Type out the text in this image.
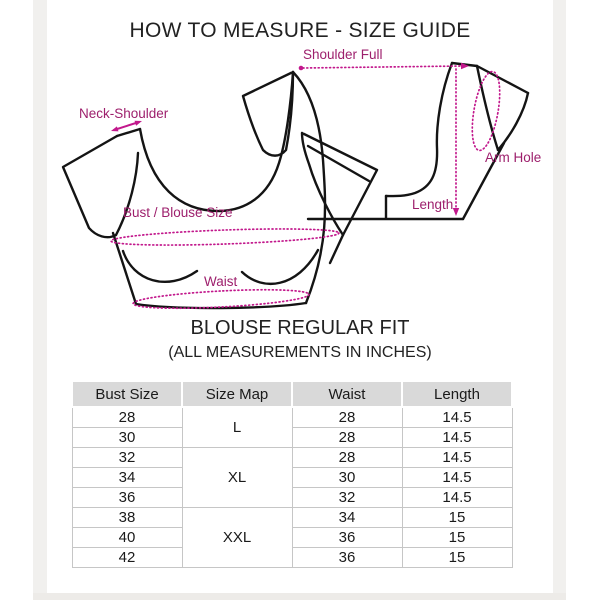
HOW TO MEASURE - SIZE GUIDE
Shoulder Full
Neck-Shoulder
Bust / Blouse Size
Waist
Arm Hole
Length
BLOUSE REGULAR FIT
(ALL MEASUREMENTS IN INCHES)
Bust Size	Size Map	Waist	Length
28	L	28	14.5
30		28	14.5
32	XL	28	14.5
34		30	14.5
36		32	14.5
38	XXL	34	15
40		36	15
42		36	15
